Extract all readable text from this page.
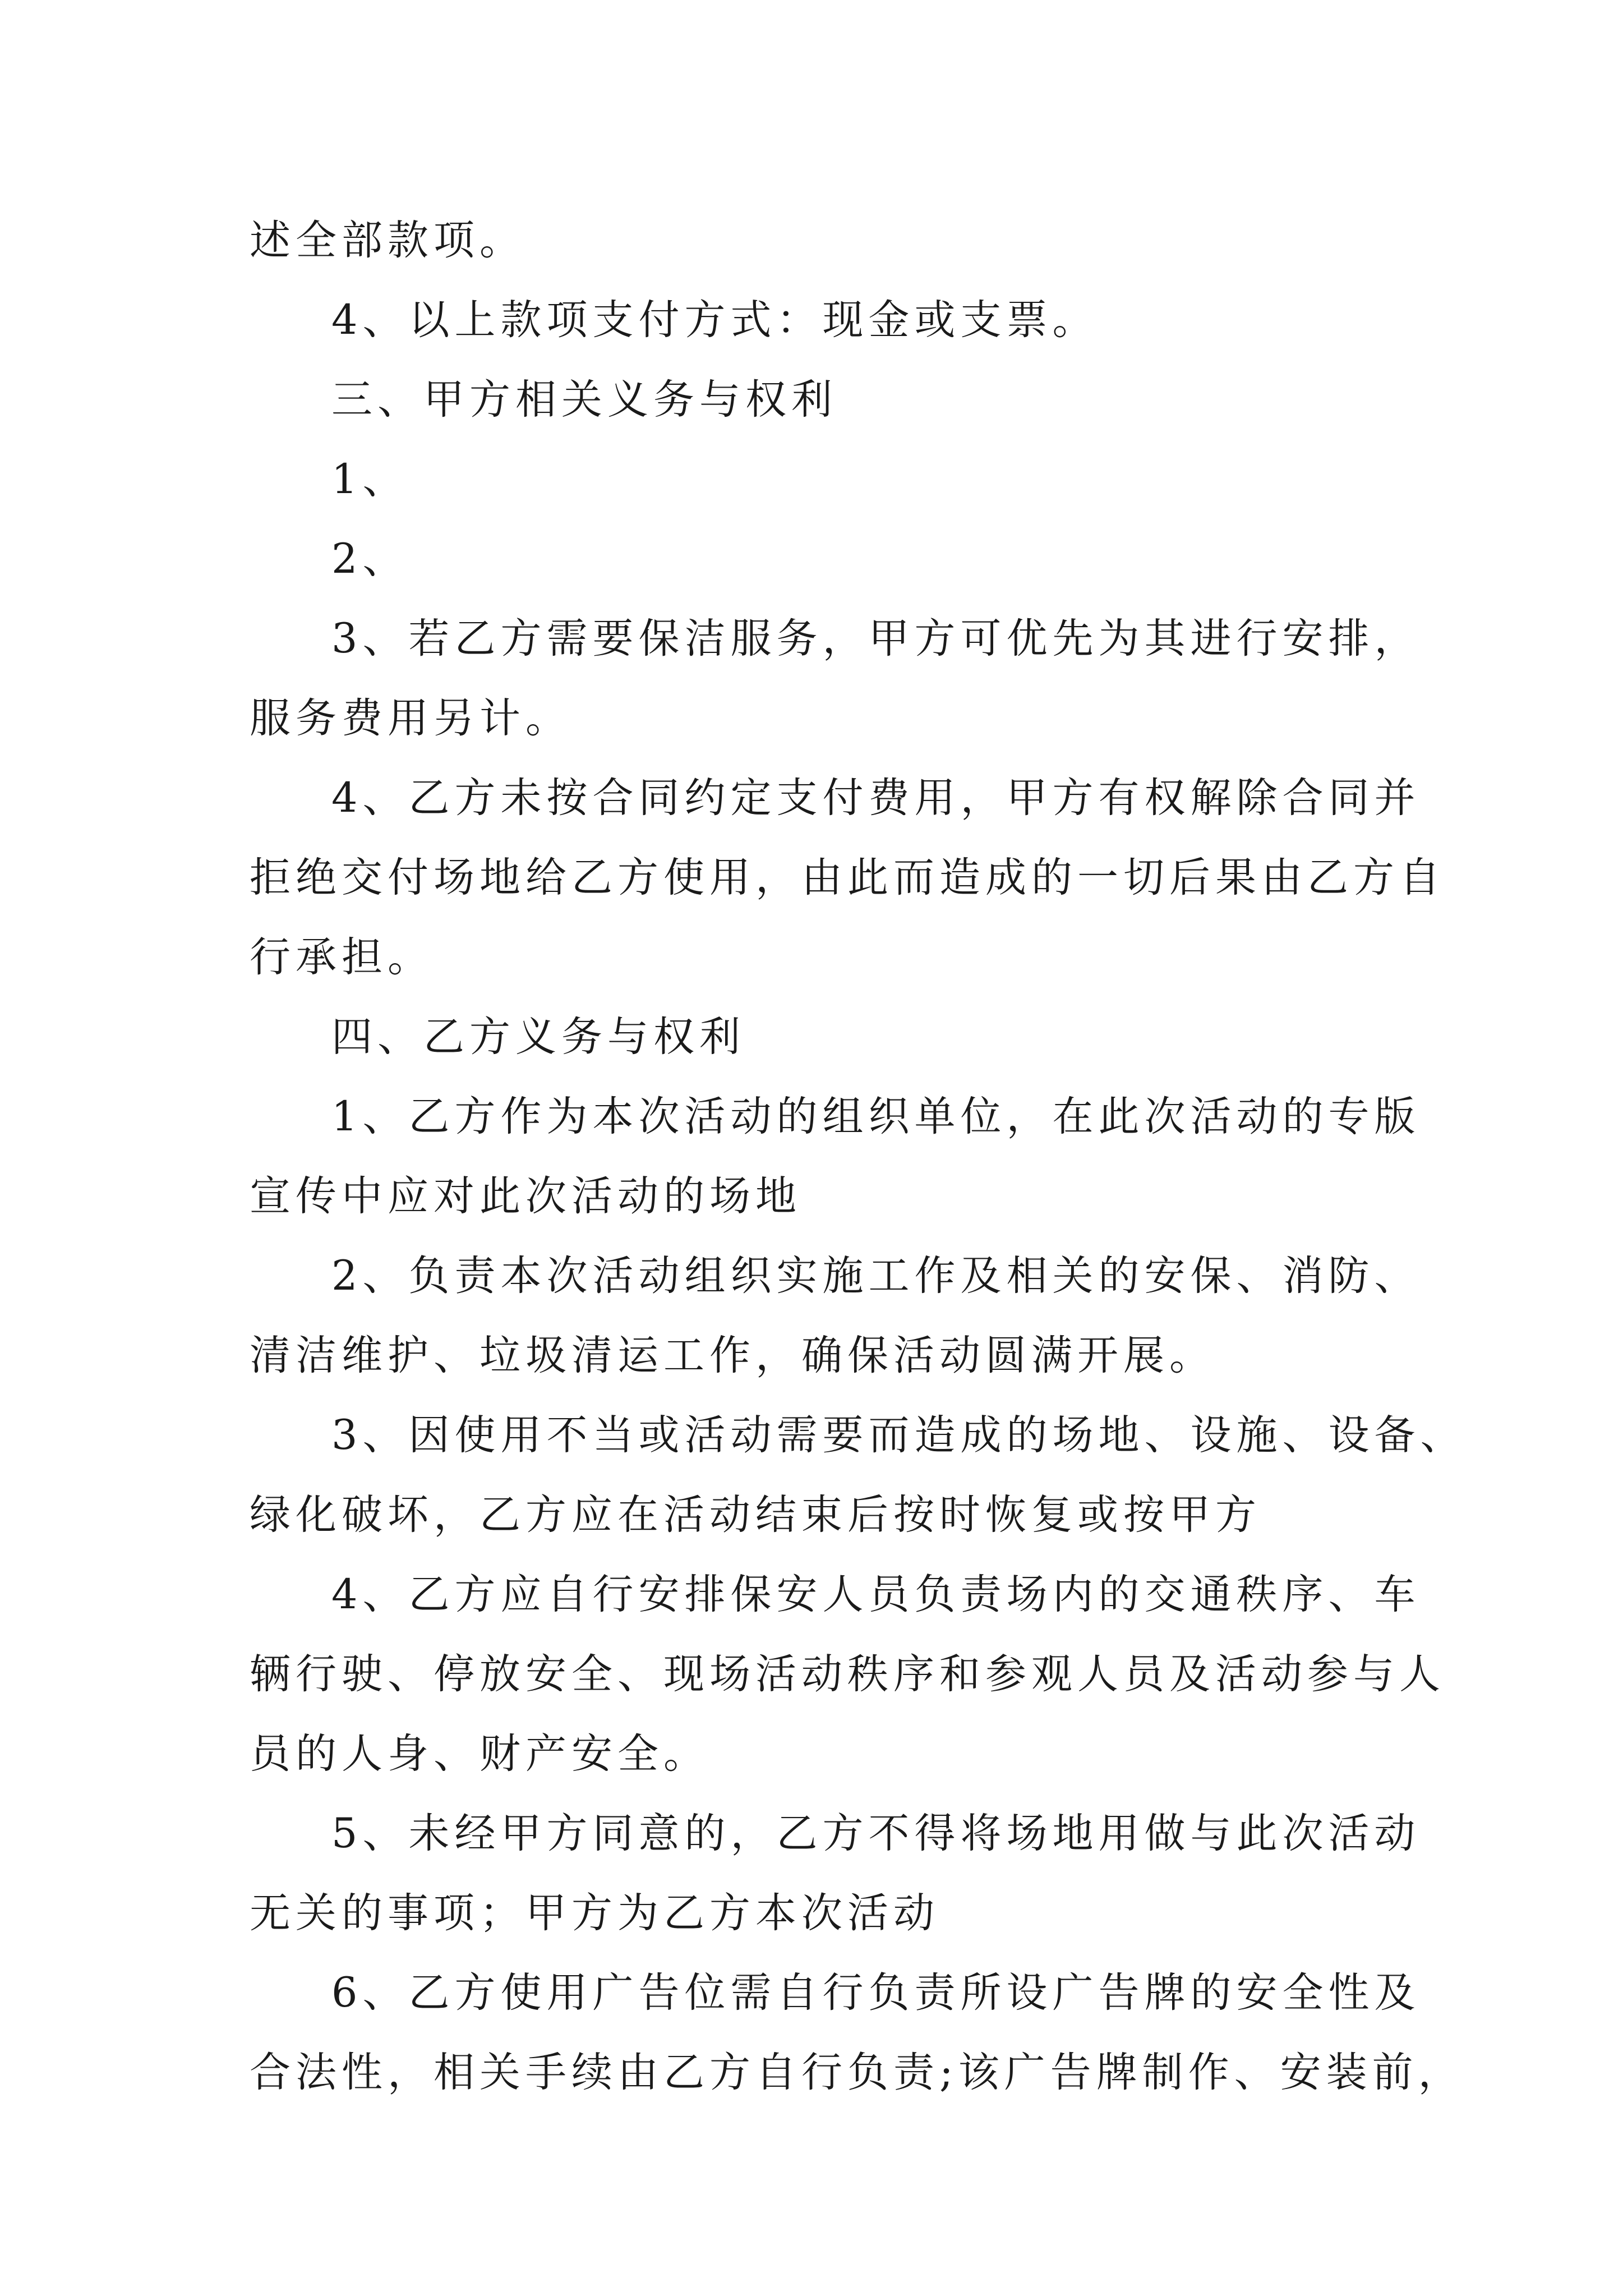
述全部款项。

4、以上款项支付方式：现金或支票。

三、甲方相关义务与权利

1、

2、

3、若乙方需要保洁服务，甲方可优先为其进行安排，

服务费用另计。

4、乙方未按合同约定支付费用，甲方有权解除合同并

拒绝交付场地给乙方使用，由此而造成的一切后果由乙方自

行承担。

四、乙方义务与权利

1、乙方作为本次活动的组织单位，在此次活动的专版

宣传中应对此次活动的场地

2、负责本次活动组织实施工作及相关的安保、消防、

清洁维护、垃圾清运工作，确保活动圆满开展。

3、因使用不当或活动需要而造成的场地、设施、设备、

绿化破坏，乙方应在活动结束后按时恢复或按甲方

4、乙方应自行安排保安人员负责场内的交通秩序、车

辆行驶、停放安全、现场活动秩序和参观人员及活动参与人

员的人身、财产安全。

5、未经甲方同意的，乙方不得将场地用做与此次活动

无关的事项；甲方为乙方本次活动

6、乙方使用广告位需自行负责所设广告牌的安全性及

合法性，相关手续由乙方自行负责;该广告牌制作、安装前，
